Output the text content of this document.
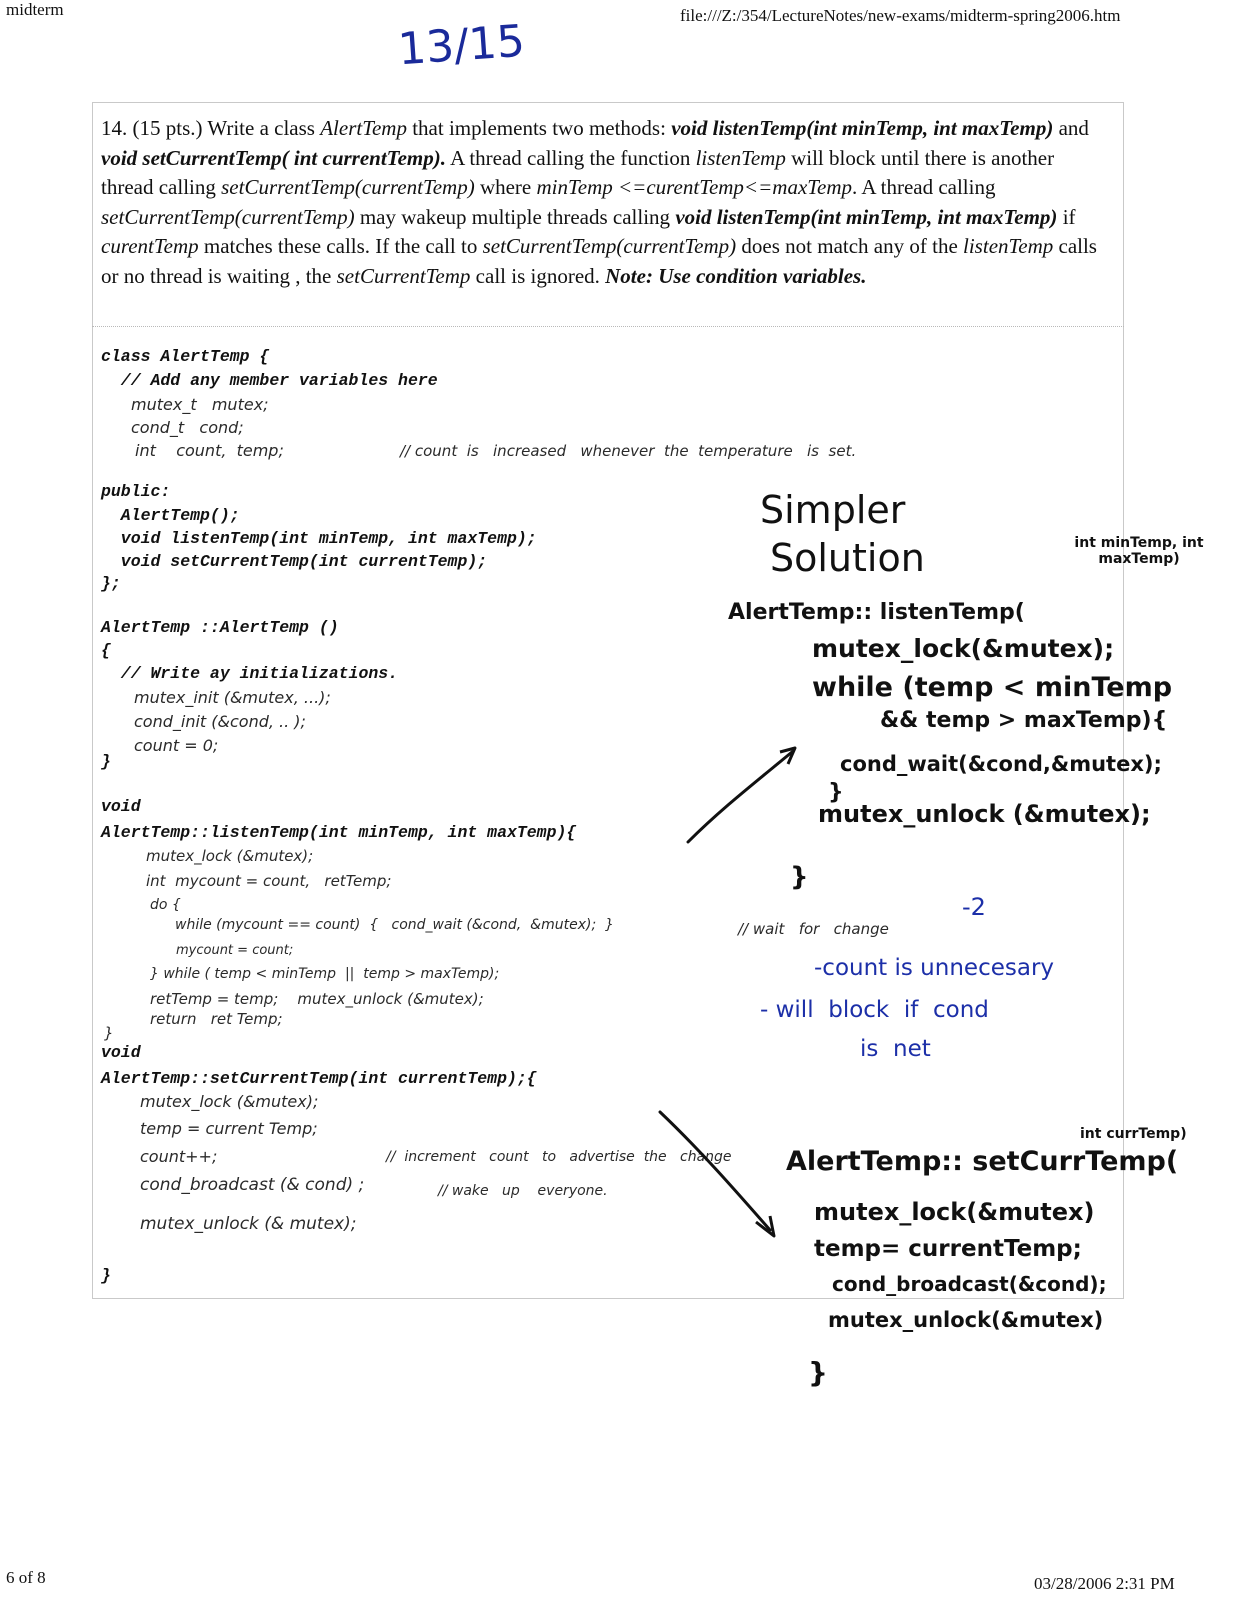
midterm	file:///Z:/354/LectureNotes/new-exams/midterm-spring2006.htm
13/15
14. (15 pts.) Write a class AlertTemp that implements two methods: void listenTemp(int minTemp, int maxTemp) and void setCurrentTemp( int currentTemp). A thread calling the function listenTemp will block until there is another thread calling setCurrentTemp(currentTemp) where minTemp <=curentTemp<=maxTemp. A thread calling setCurrentTemp(currentTemp) may wakeup multiple threads calling void listenTemp(int minTemp, int maxTemp) if curentTemp matches these calls. If the call to setCurrentTemp(currentTemp) does not match any of the listenTemp calls or no thread is waiting , the setCurrentTemp call is ignored. Note: Use condition variables.
class AlertTemp {
// Add any member variables here
public:
AlertTemp();
void listenTemp(int minTemp, int maxTemp);
void setCurrentTemp(int currentTemp);
};
AlertTemp ::AlertTemp ()
{
// Write ay initializations.
}
void
AlertTemp::listenTemp(int minTemp, int maxTemp){
void
AlertTemp::setCurrentTemp(int currentTemp);{
}
mutex_t   mutex;
cond_t   cond;
int    count,  temp;	// count  is   increased   whenever  the  temperature   is  set.
mutex_init (&mutex, ...);
cond_init (&cond, .. );
count = 0;
mutex_lock (&mutex);
int  mycount = count,   retTemp;
do {
while (mycount == count)  {   cond_wait (&cond,  &mutex);  }
mycount = count;
} while ( temp < minTemp  ||  temp > maxTemp);
retTemp = temp;    mutex_unlock (&mutex);
return   ret Temp;
}
// wait   for   change
mutex_lock (&mutex);
temp = current Temp;
count++;
cond_broadcast (& cond) ;
mutex_unlock (& mutex);
//  increment   count   to   advertise  the   change
// wake   up    everyone.
-2
-count is unnecesary
- will  block  if  cond
is  net
Simpler
Solution
AlertTemp:: listenTemp(
int minTemp, int maxTemp)
mutex_lock(&mutex);
while (temp < minTemp
&& temp > maxTemp){
cond_wait(&cond,&mutex);
}
mutex_unlock (&mutex);
}
AlertTemp:: setCurrTemp(
int currTemp)
mutex_lock(&mutex)
temp= currentTemp;
cond_broadcast(&cond);
mutex_unlock(&mutex)
}
6 of 8	03/28/2006 2:31 PM
